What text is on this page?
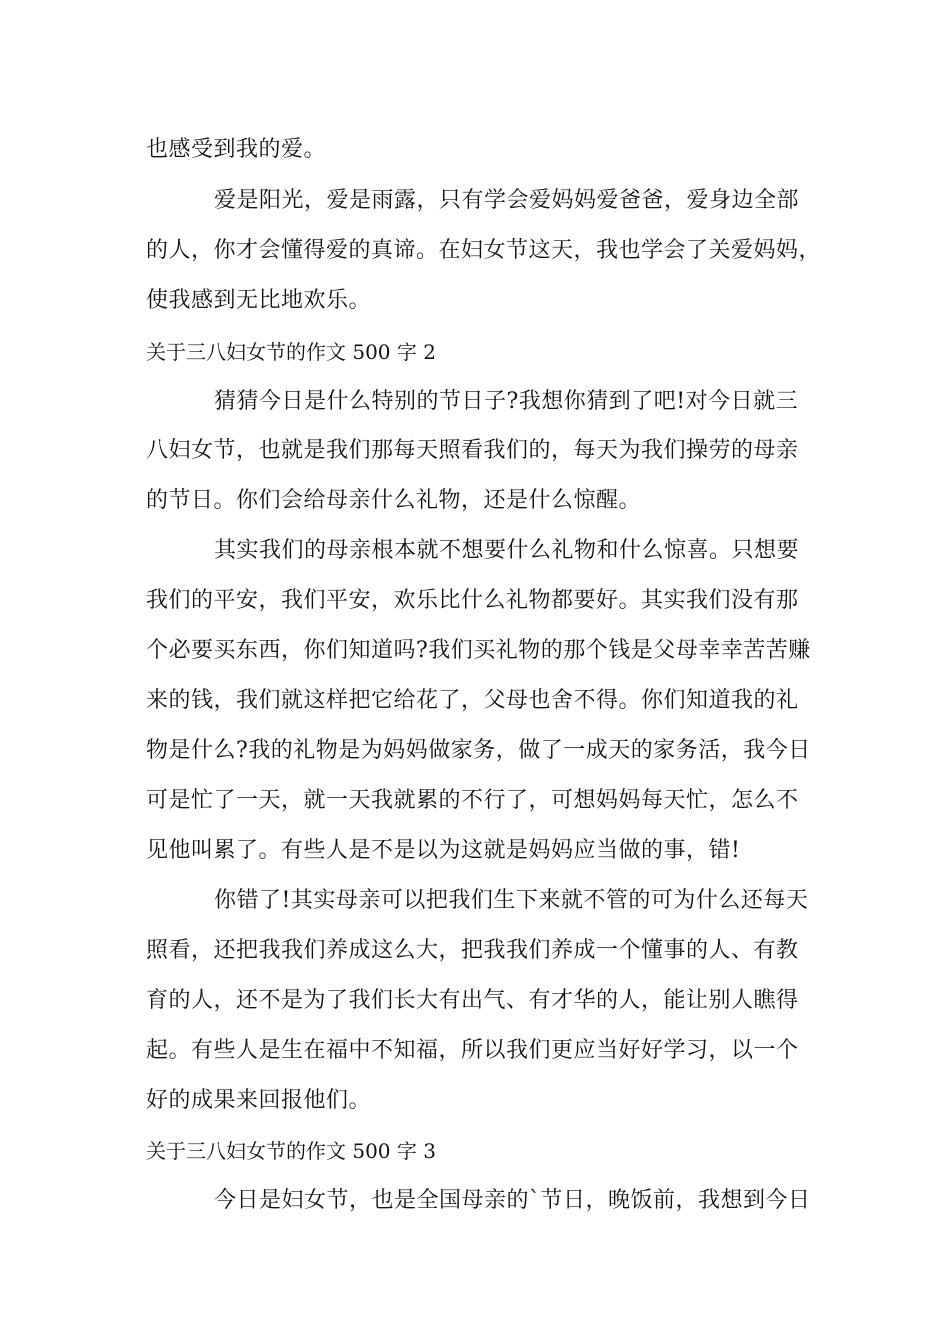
也感受到我的爱。
爱是阳光，爱是雨露，只有学会爱妈妈爱爸爸，爱身边全部
的人，你才会懂得爱的真谛。在妇女节这天，我也学会了关爱妈妈，
使我感到无比地欢乐。
关于三八妇女节的作文 500 字 2
猜猜今日是什么特别的节日子?我想你猜到了吧!对今日就三
八妇女节，也就是我们那每天照看我们的，每天为我们操劳的母亲
的节日。你们会给母亲什么礼物，还是什么惊醒。
其实我们的母亲根本就不想要什么礼物和什么惊喜。只想要
我们的平安，我们平安，欢乐比什么礼物都要好。其实我们没有那
个必要买东西，你们知道吗?我们买礼物的那个钱是父母幸幸苦苦赚
来的钱，我们就这样把它给花了，父母也舍不得。你们知道我的礼
物是什么?我的礼物是为妈妈做家务，做了一成天的家务活，我今日
可是忙了一天，就一天我就累的不行了，可想妈妈每天忙，怎么不
见他叫累了。有些人是不是以为这就是妈妈应当做的事，错!
你错了!其实母亲可以把我们生下来就不管的可为什么还每天
照看，还把我我们养成这么大，把我我们养成一个懂事的人、有教
育的人，还不是为了我们长大有出气、有才华的人，能让别人瞧得
起。有些人是生在福中不知福，所以我们更应当好好学习，以一个
好的成果来回报他们。
关于三八妇女节的作文 500 字 3
今日是妇女节，也是全国母亲的`节日，晚饭前，我想到今日
